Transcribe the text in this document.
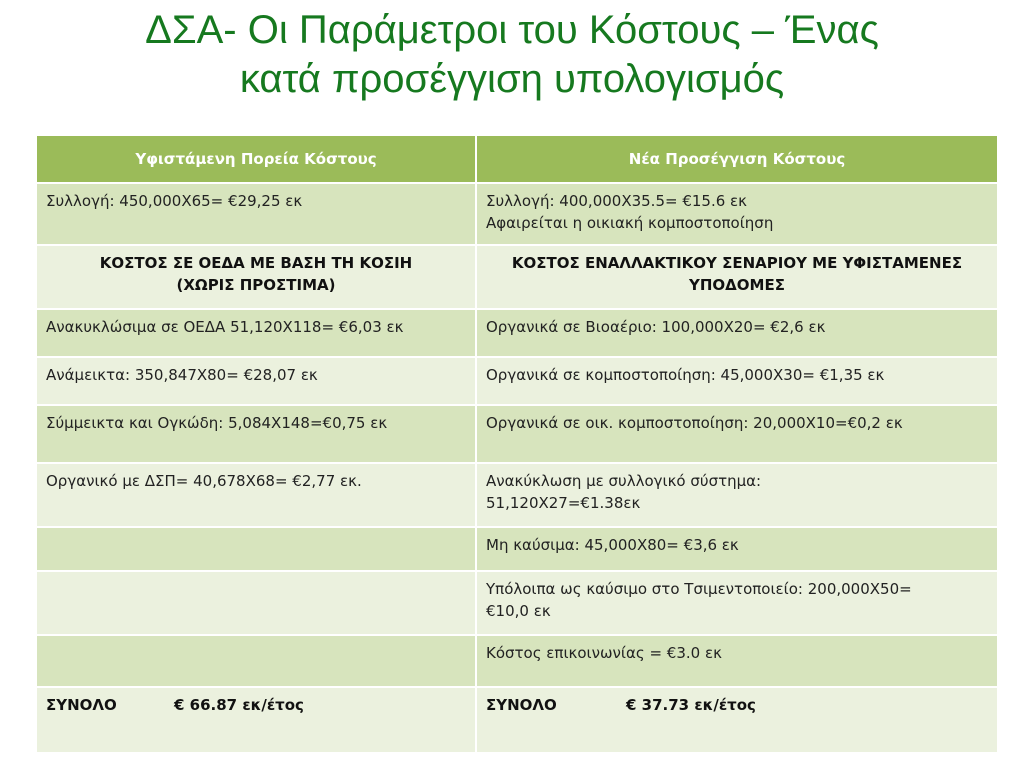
ΔΣΑ- Οι Παράμετροι του Κόστους – Ένας
κατά προσέγγιση υπολογισμός
Υφιστάμενη Πορεία Κόστους	Νέα Προσέγγιση Κόστους
Συλλογή: 450,000Χ65= €29,25 εκ	Συλλογή: 400,000Χ35.5= €15.6 εκ
Αφαιρείται η οικιακή κομποστοποίηση

ΚΟΣΤΟΣ ΣΕ ΟΕΔΑ ΜΕ ΒΑΣΗ ΤΗ ΚΟΣΙΗ
(ΧΩΡΙΣ ΠΡΟΣΤΙΜΑ)	ΚΟΣΤΟΣ ΕΝΑΛΛΑΚΤΙΚΟΥ ΣΕΝΑΡΙΟΥ ΜΕ ΥΦΙΣΤΑΜΕΝΕΣ
ΥΠΟΔΟΜΕΣ

Ανακυκλώσιμα σε ΟΕΔΑ 51,120Χ118= €6,03 εκ	Οργανικά σε Βιοαέριο: 100,000Χ20= €2,6 εκ
Ανάμεικτα: 350,847Χ80= €28,07 εκ	Οργανικά σε κομποστοποίηση: 45,000Χ30= €1,35 εκ
Σύμμεικτα και Ογκώδη: 5,084Χ148=€0,75 εκ	Οργανικά σε οικ. κομποστοποίηση: 20,000Χ10=€0,2 εκ
Οργανικό με ΔΣΠ= 40,678Χ68= €2,77 εκ.	Ανακύκλωση με συλλογικό σύστημα:
51,120Χ27=€1.38εκ

	Μη καύσιμα: 45,000Χ80= €3,6 εκ

	Υπόλοιπα ως καύσιμο στο Τσιμεντοποιείο: 200,000Χ50=
€10,0 εκ

	Κόστος επικοινωνίας = €3.0 εκ
ΣΥΝΟΛΟ € 66.87 εκ/έτος	ΣΥΝΟΛΟ € 37.73 εκ/έτος
